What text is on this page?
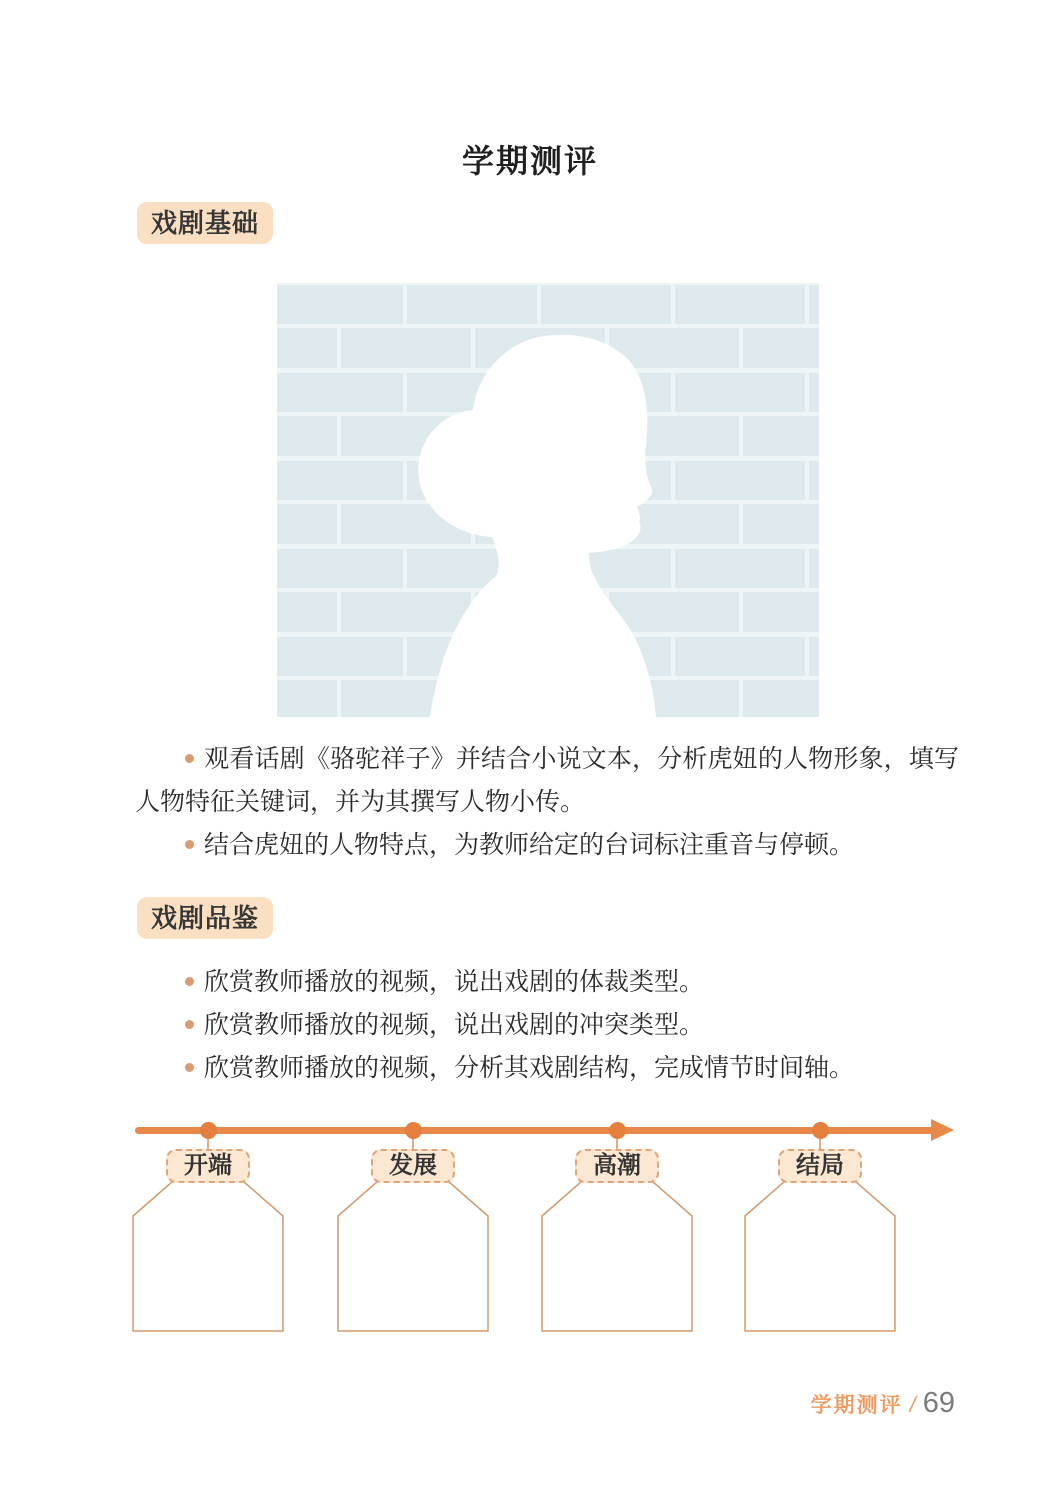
学期测评
戏剧基础

观看话剧《骆驼祥子》并结合小说文本，分析虎妞的人物形象，填写人物特征关键词，并为其撰写人物小传。

结合虎妞的人物特点，为教师给定的台词标注重音与停顿。

戏剧品鉴

欣赏教师播放的视频，说出戏剧的体裁类型。

欣赏教师播放的视频，说出戏剧的冲突类型。

欣赏教师播放的视频，分析其戏剧结构，完成情节时间轴。

开端	发展	高潮	结局
学期测评 / 69
